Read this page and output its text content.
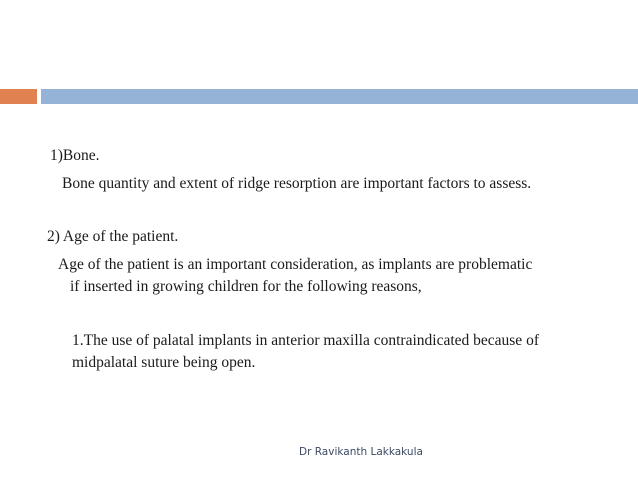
1)Bone.

Bone quantity and extent of ridge resorption are important factors to assess.

2) Age of the patient.

Age of the patient is an important consideration, as implants are problematic

if inserted in growing children for the following reasons,

1.The use of palatal implants in anterior maxilla contraindicated because of

midpalatal suture being open.

Dr Ravikanth Lakkakula
